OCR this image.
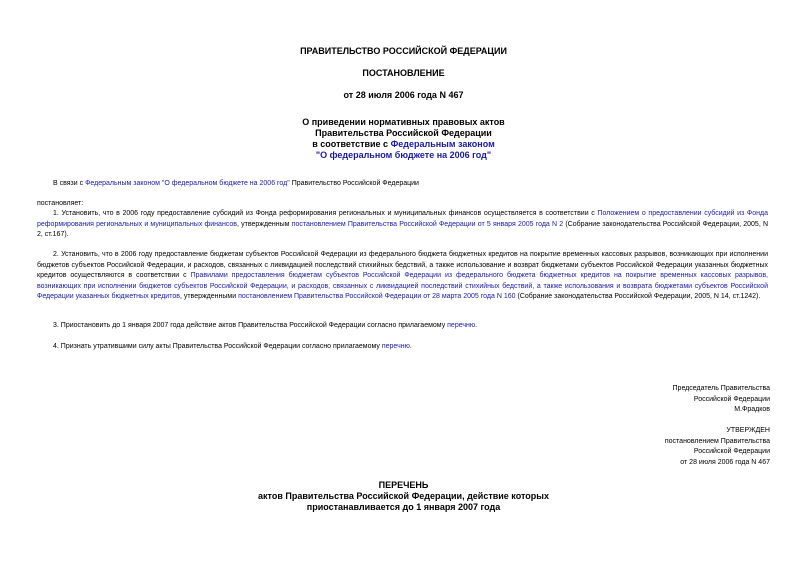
ПРАВИТЕЛЬСТВО РОССИЙСКОЙ ФЕДЕРАЦИИ
ПОСТАНОВЛЕНИЕ
от 28 июля 2006 года N 467
О приведении нормативных правовых актов
Правительства Российской Федерации
в соответствие с Федеральным законом
"О федеральном бюджете на 2006 год"
В связи с Федеральным законом "О федеральном бюджете на 2006 год" Правительство Российской Федерации
постановляет:
1. Установить, что в 2006 году предоставление субсидий из Фонда реформирования региональных и муниципальных финансов осуществляется в соответствии с Положением о предоставлении субсидий из Фонда реформирования региональных и муниципальных финансов, утвержденным постановлением Правительства Российской Федерации от 5 января 2005 года N 2 (Собрание законодательства Российской Федерации, 2005, N 2, ст.167).
2. Установить, что в 2006 году предоставление бюджетам субъектов Российской Федерации из федерального бюджета бюджетных кредитов на покрытие временных кассовых разрывов, возникающих при исполнении бюджетов субъектов Российской Федерации, и расходов, связанных с ликвидацией последствий стихийных бедствий, а также использование и возврат бюджетами субъектов Российской Федерации указанных бюджетных кредитов осуществляются в соответствии с Правилами предоставления бюджетам субъектов Российской Федерации из федерального бюджета бюджетных кредитов на покрытие временных кассовых разрывов, возникающих при исполнении бюджетов субъектов Российской Федерации, и расходов, связанных с ликвидацией последствий стихийных бедствий, а также использования и возврата бюджетами субъектов Российской Федерации указанных бюджетных кредитов, утвержденными постановлением Правительства Российской Федерации от 28 марта 2005 года N 160 (Собрание законодательства Российской Федерации, 2005, N 14, ст.1242).
3. Приостановить до 1 января 2007 года действие актов Правительства Российской Федерации согласно прилагаемому перечню.
4. Признать утратившими силу акты Правительства Российской Федерации согласно прилагаемому перечню.
Председатель Правительства
Российской Федерации
М.Фрадков
УТВЕРЖДЕН
постановлением Правительства
Российской Федерации
от 28 июля 2006 года N 467
ПЕРЕЧЕНЬ
актов Правительства Российской Федерации, действие которых
приостанавливается до 1 января 2007 года
